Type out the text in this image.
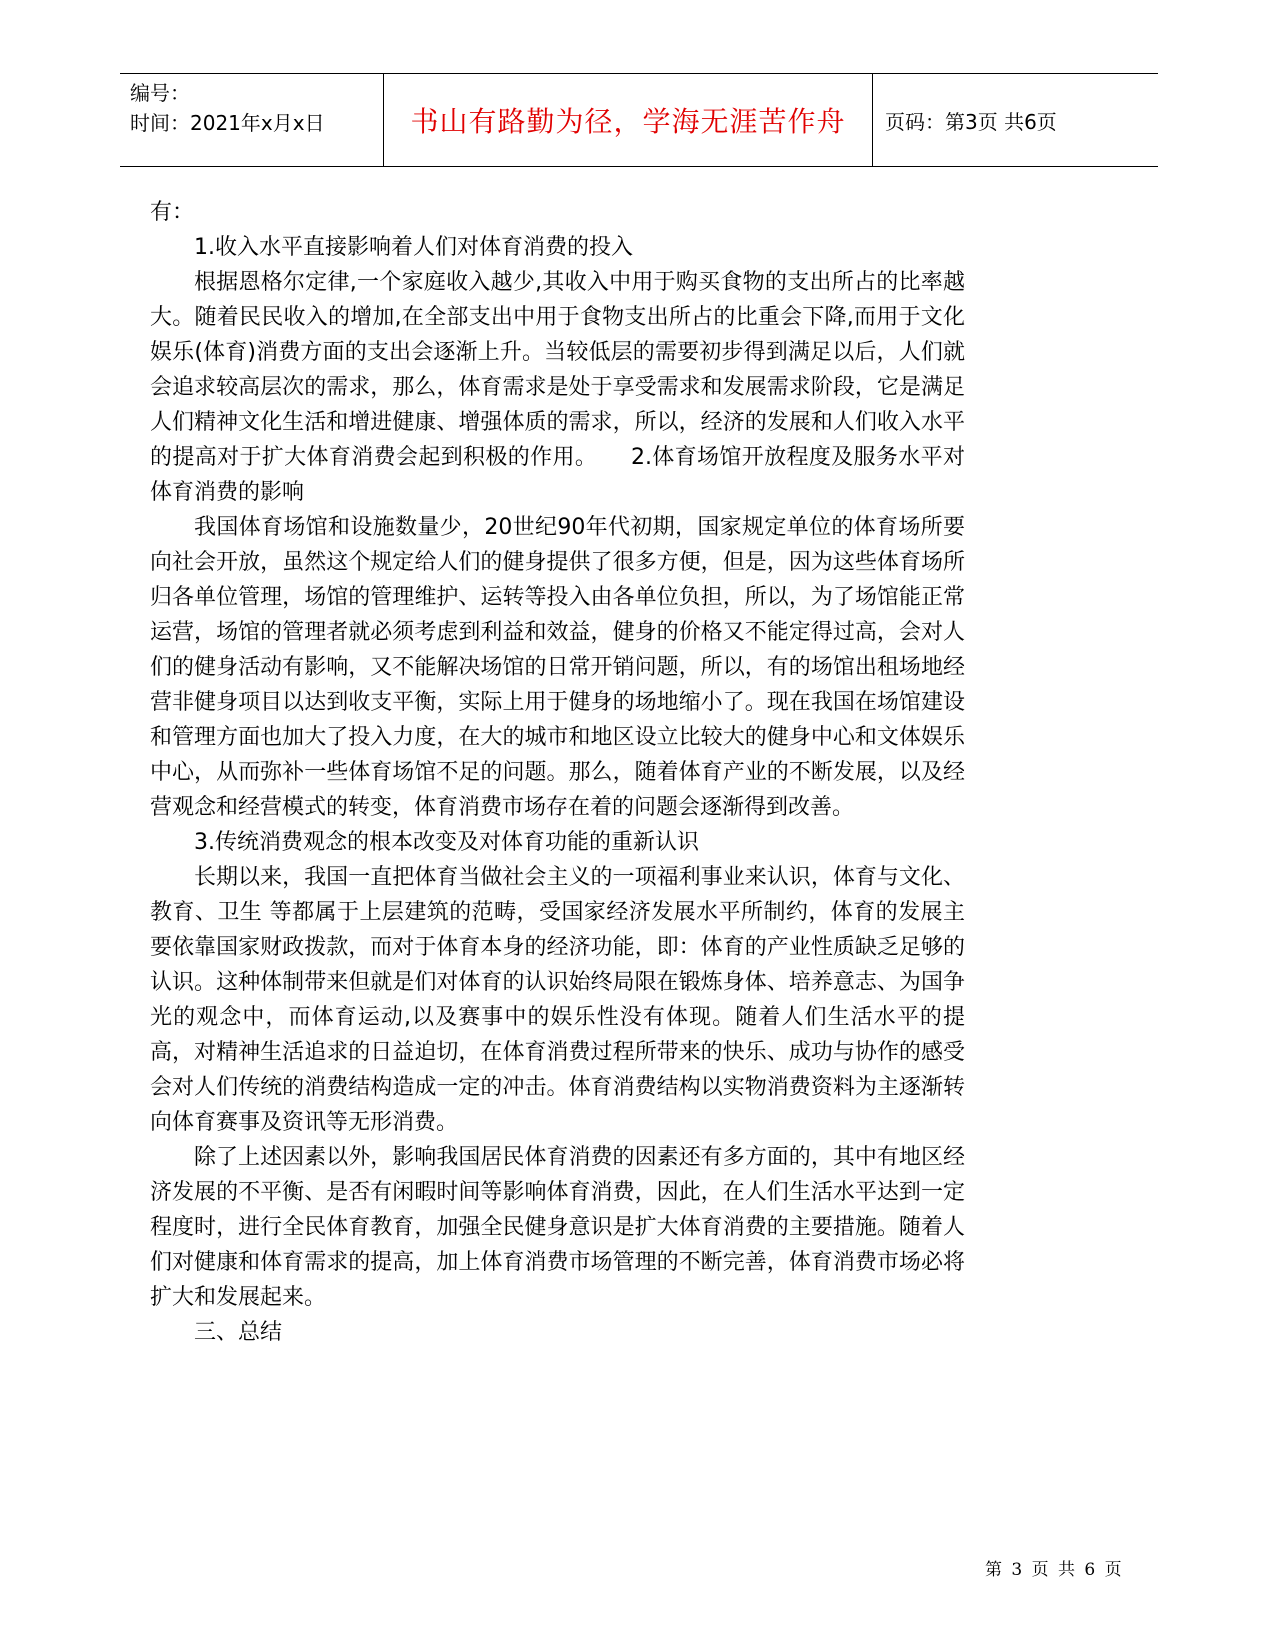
编号：
时间：2021年x月x日	书山有路勤为径，学海无涯苦作舟	页码：第3页 共6页

有：

1.收入水平直接影响着人们对体育消费的投入

根据恩格尔定律,一个家庭收入越少,其收入中用于购买食物的支出所占的比率越大。随着民民收入的增加,在全部支出中用于食物支出所占的比重会下降,而用于文化娱乐(体育)消费方面的支出会逐渐上升。当较低层的需要初步得到满足以后，人们就会追求较高层次的需求，那么，体育需求是处于享受需求和发展需求阶段，它是满足人们精神文化生活和增进健康、增强体质的需求，所以，经济的发展和人们收入水平的提高对于扩大体育消费会起到积极的作用。　　2.体育场馆开放程度及服务水平对体育消费的影响

我国体育场馆和设施数量少，20世纪90年代初期，国家规定单位的体育场所要向社会开放，虽然这个规定给人们的健身提供了很多方便，但是，因为这些体育场所归各单位管理，场馆的管理维护、运转等投入由各单位负担，所以，为了场馆能正常运营，场馆的管理者就必须考虑到利益和效益，健身的价格又不能定得过高，会对人们的健身活动有影响，又不能解决场馆的日常开销问题，所以，有的场馆出租场地经营非健身项目以达到收支平衡，实际上用于健身的场地缩小了。现在我国在场馆建设和管理方面也加大了投入力度，在大的城市和地区设立比较大的健身中心和文体娱乐中心，从而弥补一些体育场馆不足的问题。那么，随着体育产业的不断发展，以及经营观念和经营模式的转变，体育消费市场存在着的问题会逐渐得到改善。

3.传统消费观念的根本改变及对体育功能的重新认识

长期以来，我国一直把体育当做社会主义的一项福利事业来认识，体育与文化、教育、卫生 等都属于上层建筑的范畴，受国家经济发展水平所制约，体育的发展主要依靠国家财政拨款，而对于体育本身的经济功能，即：体育的产业性质缺乏足够的认识。这种体制带来但就是们对体育的认识始终局限在锻炼身体、培养意志、为国争光的观念中，而体育运动,以及赛事中的娱乐性没有体现。随着人们生活水平的提高，对精神生活追求的日益迫切，在体育消费过程所带来的快乐、成功与协作的感受会对人们传统的消费结构造成一定的冲击。体育消费结构以实物消费资料为主逐渐转向体育赛事及资讯等无形消费。

除了上述因素以外，影响我国居民体育消费的因素还有多方面的，其中有地区经济发展的不平衡、是否有闲暇时间等影响体育消费，因此，在人们生活水平达到一定程度时，进行全民体育教育，加强全民健身意识是扩大体育消费的主要措施。随着人们对健康和体育需求的提高，加上体育消费市场管理的不断完善，体育消费市场必将扩大和发展起来。

三、总结

第 3 页 共 6 页
